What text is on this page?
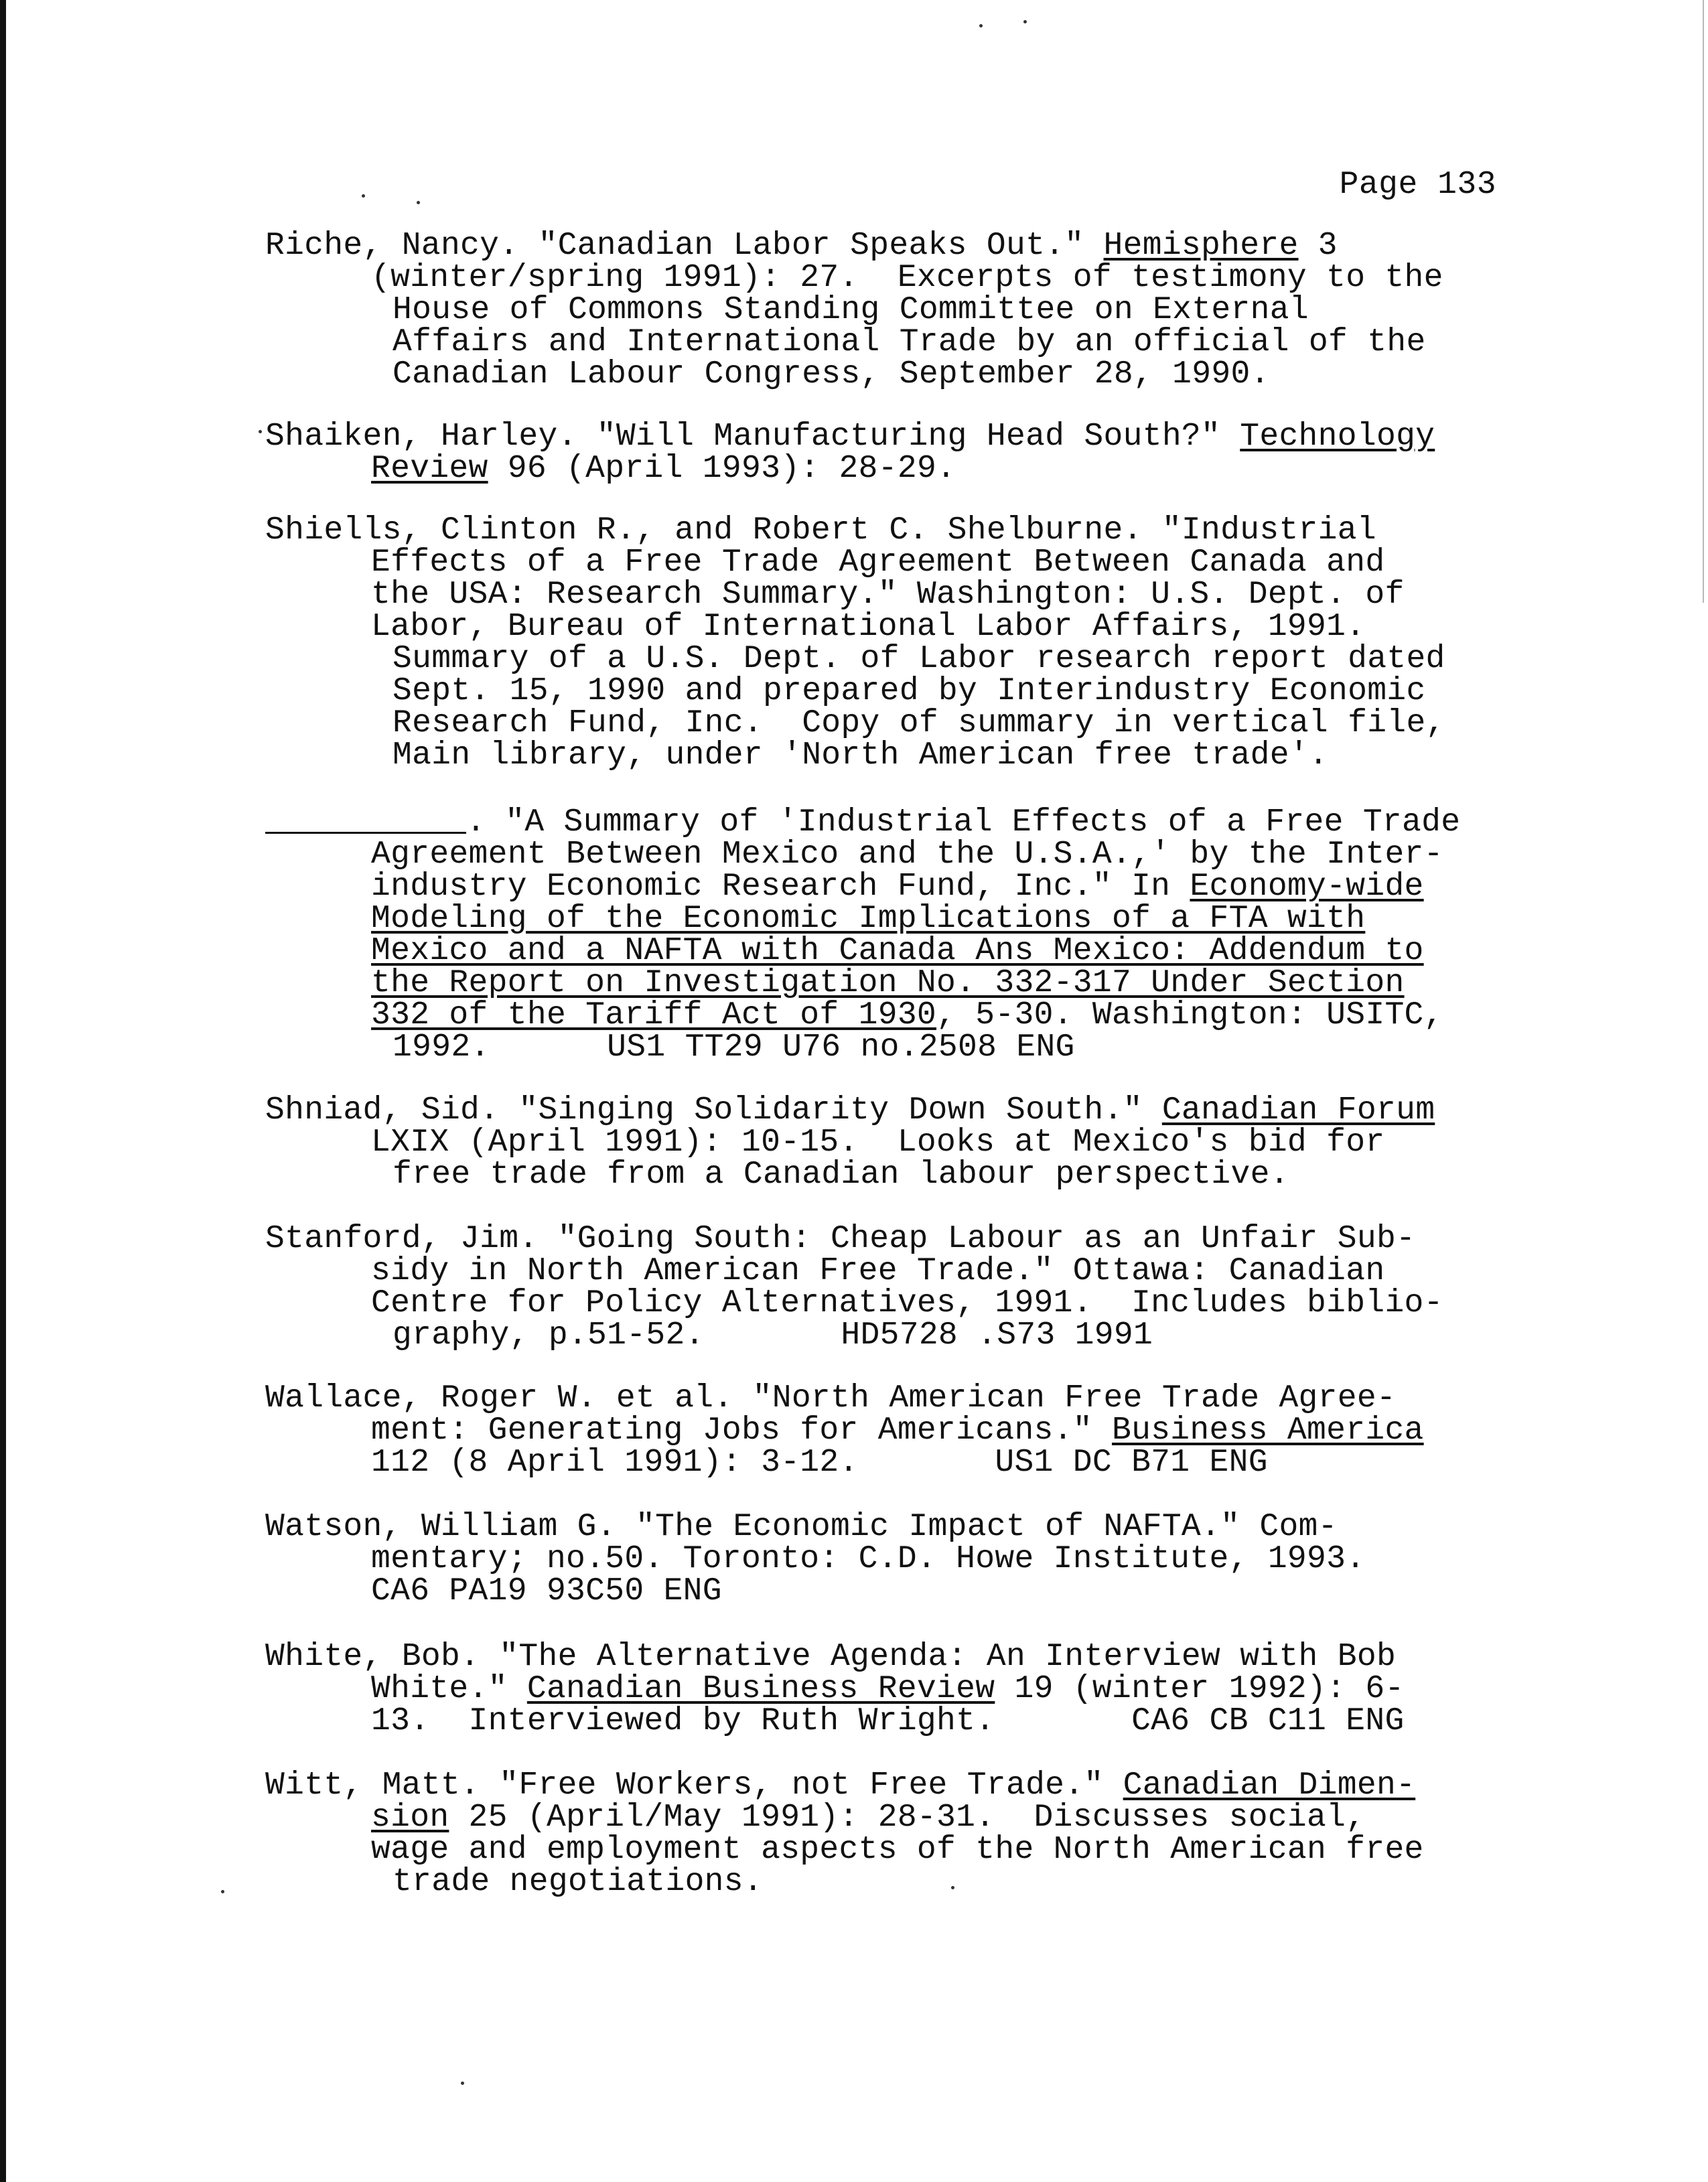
Page 133
Riche, Nancy. "Canadian Labor Speaks Out." Hemisphere 3
(winter/spring 1991): 27.  Excerpts of testimony to the
House of Commons Standing Committee on External
Affairs and International Trade by an official of the
Canadian Labour Congress, September 28, 1990.
Shaiken, Harley. "Will Manufacturing Head South?" Technology
Review 96 (April 1993): 28-29.
Shiells, Clinton R., and Robert C. Shelburne. "Industrial
Effects of a Free Trade Agreement Between Canada and
the USA: Research Summary." Washington: U.S. Dept. of
Labor, Bureau of International Labor Affairs, 1991.
Summary of a U.S. Dept. of Labor research report dated
Sept. 15, 1990 and prepared by Interindustry Economic
Research Fund, Inc.  Copy of summary in vertical file,
Main library, under 'North American free trade'.
. "A Summary of 'Industrial Effects of a Free Trade
Agreement Between Mexico and the U.S.A.,' by the Inter-
industry Economic Research Fund, Inc." In Economy-wide
Modeling of the Economic Implications of a FTA with
Mexico and a NAFTA with Canada Ans Mexico: Addendum to
the Report on Investigation No. 332-317 Under Section
332 of the Tariff Act of 1930, 5-30. Washington: USITC,
1992.      US1 TT29 U76 no.2508 ENG
Shniad, Sid. "Singing Solidarity Down South." Canadian Forum
LXIX (April 1991): 10-15.  Looks at Mexico's bid for
free trade from a Canadian labour perspective.
Stanford, Jim. "Going South: Cheap Labour as an Unfair Sub-
sidy in North American Free Trade." Ottawa: Canadian
Centre for Policy Alternatives, 1991.  Includes biblio-
graphy, p.51-52.       HD5728 .S73 1991
Wallace, Roger W. et al. "North American Free Trade Agree-
ment: Generating Jobs for Americans." Business America
112 (8 April 1991): 3-12.       US1 DC B71 ENG
Watson, William G. "The Economic Impact of NAFTA." Com-
mentary; no.50. Toronto: C.D. Howe Institute, 1993.
CA6 PA19 93C50 ENG
White, Bob. "The Alternative Agenda: An Interview with Bob
White." Canadian Business Review 19 (winter 1992): 6-
13.  Interviewed by Ruth Wright.       CA6 CB C11 ENG
Witt, Matt. "Free Workers, not Free Trade." Canadian Dimen-
sion 25 (April/May 1991): 28-31.  Discusses social,
wage and employment aspects of the North American free
trade negotiations.
